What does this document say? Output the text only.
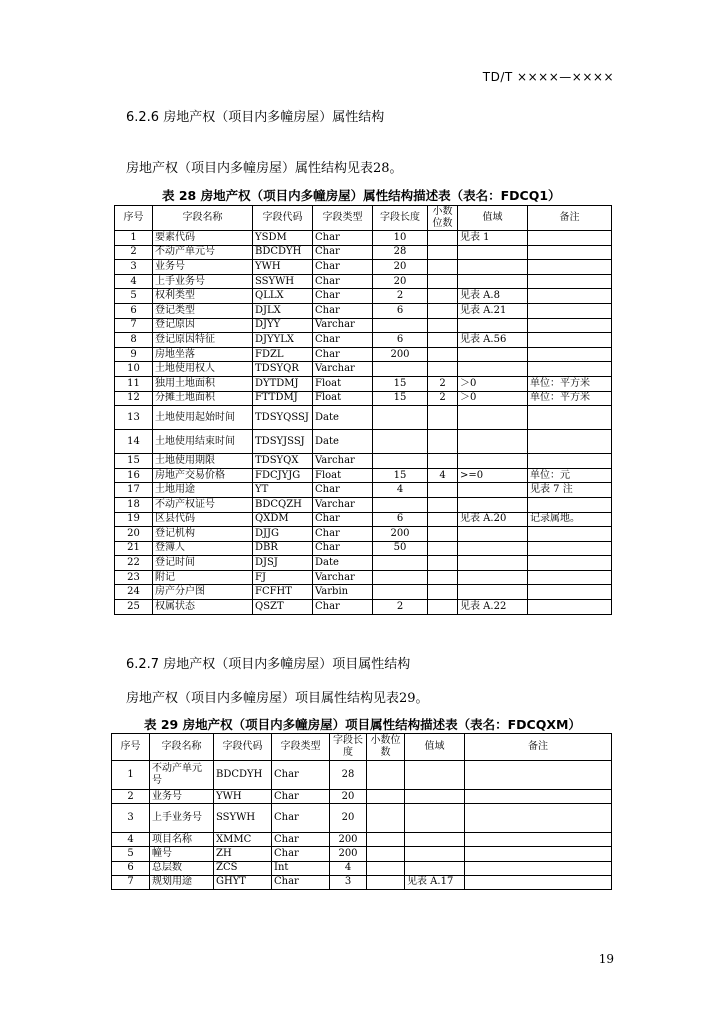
TD/T ××××—××××
6.2.6 房地产权（项目内多幢房屋）属性结构
房地产权（项目内多幢房屋）属性结构见表28。
表 28 房地产权（项目内多幢房屋）属性结构描述表（表名：FDCQ1）
序号	字段名称	字段代码	字段类型	字段长度	小数位数	值域	备注
1	要素代码	YSDM	Char	10		见表 1	
2	不动产单元号	BDCDYH	Char	28			
3	业务号	YWH	Char	20			
4	上手业务号	SSYWH	Char	20			
5	权利类型	QLLX	Char	2		见表 A.8	
6	登记类型	DJLX	Char	6		见表 A.21	
7	登记原因	DJYY	Varchar				
8	登记原因特征	DJYYLX	Char	6		见表 A.56	
9	房地坐落	FDZL	Char	200			
10	土地使用权人	TDSYQR	Varchar				
11	独用土地面积	DYTDMJ	Float	15	2	＞0	单位：平方米
12	分摊土地面积	FTTDMJ	Float	15	2	＞0	单位：平方米
13	土地使用起始时间	TDSYQSSJ	Date				
14	土地使用结束时间	TDSYJSSJ	Date				
15	土地使用期限	TDSYQX	Varchar				
16	房地产交易价格	FDCJYJG	Float	15	4	>=0	单位：元
17	土地用途	YT	Char	4			见表 7 注
18	不动产权证号	BDCQZH	Varchar				
19	区县代码	QXDM	Char	6		见表 A.20	记录属地。
20	登记机构	DJJG	Char	200			
21	登簿人	DBR	Char	50			
22	登记时间	DJSJ	Date				
23	附记	FJ	Varchar				
24	房产分户图	FCFHT	Varbin				
25	权属状态	QSZT	Char	2		见表 A.22	
6.2.7 房地产权（项目内多幢房屋）项目属性结构
房地产权（项目内多幢房屋）项目属性结构见表29。
表 29 房地产权（项目内多幢房屋）项目属性结构描述表（表名：FDCQXM）
序号	字段名称	字段代码	字段类型	字段长度	小数位数	值域	备注
1	不动产单元号	BDCDYH	Char	28			
2	业务号	YWH	Char	20			
3	上手业务号	SSYWH	Char	20			
4	项目名称	XMMC	Char	200			
5	幢号	ZH	Char	200			
6	总层数	ZCS	Int	4			
7	规划用途	GHYT	Char	3		见表 A.17	
19
